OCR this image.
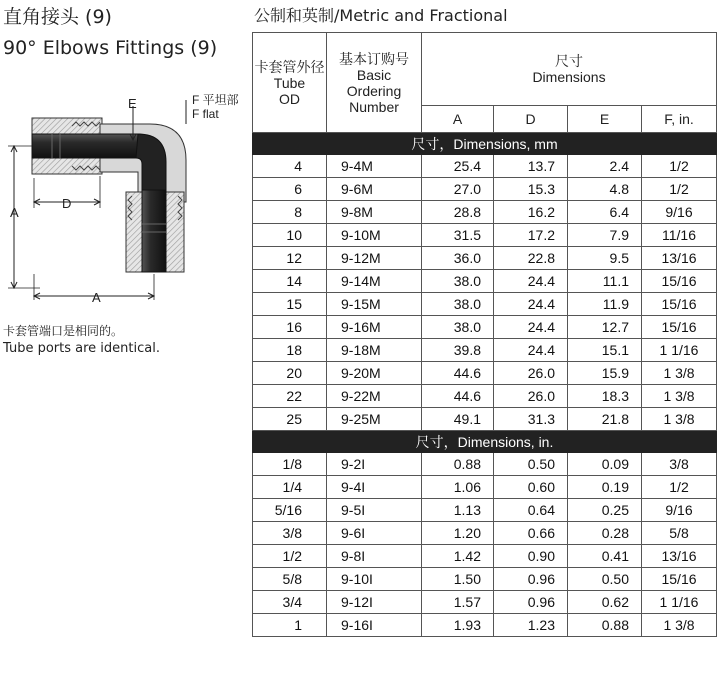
直角接头 (9)
90° Elbows Fittings (9)
公制和英制/Metric and Fractional
E	F 平坦部
F flat
D
A
A
卡套管端口是相同的。
Tube ports are identical.
卡套管外径
Tube
OD	基本订购号
Basic
Ordering
Number	尺寸
Dimensions			
		A	D	E	F, in.
尺寸，Dimensions, mm					
4	9-4M	25.4	13.7	2.4	1/2
6	9-6M	27.0	15.3	4.8	1/2
8	9-8M	28.8	16.2	6.4	9/16
10	9-10M	31.5	17.2	7.9	11/16
12	9-12M	36.0	22.8	9.5	13/16
14	9-14M	38.0	24.4	11.1	15/16
15	9-15M	38.0	24.4	11.9	15/16
16	9-16M	38.0	24.4	12.7	15/16
18	9-18M	39.8	24.4	15.1	1 1/16
20	9-20M	44.6	26.0	15.9	1 3/8
22	9-22M	44.6	26.0	18.3	1 3/8
25	9-25M	49.1	31.3	21.8	1 3/8
尺寸，Dimensions, in.					
1/8	9-2I	0.88	0.50	0.09	3/8
1/4	9-4I	1.06	0.60	0.19	1/2
5/16	9-5I	1.13	0.64	0.25	9/16
3/8	9-6I	1.20	0.66	0.28	5/8
1/2	9-8I	1.42	0.90	0.41	13/16
5/8	9-10I	1.50	0.96	0.50	15/16
3/4	9-12I	1.57	0.96	0.62	1 1/16
1	9-16I	1.93	1.23	0.88	1 3/8
